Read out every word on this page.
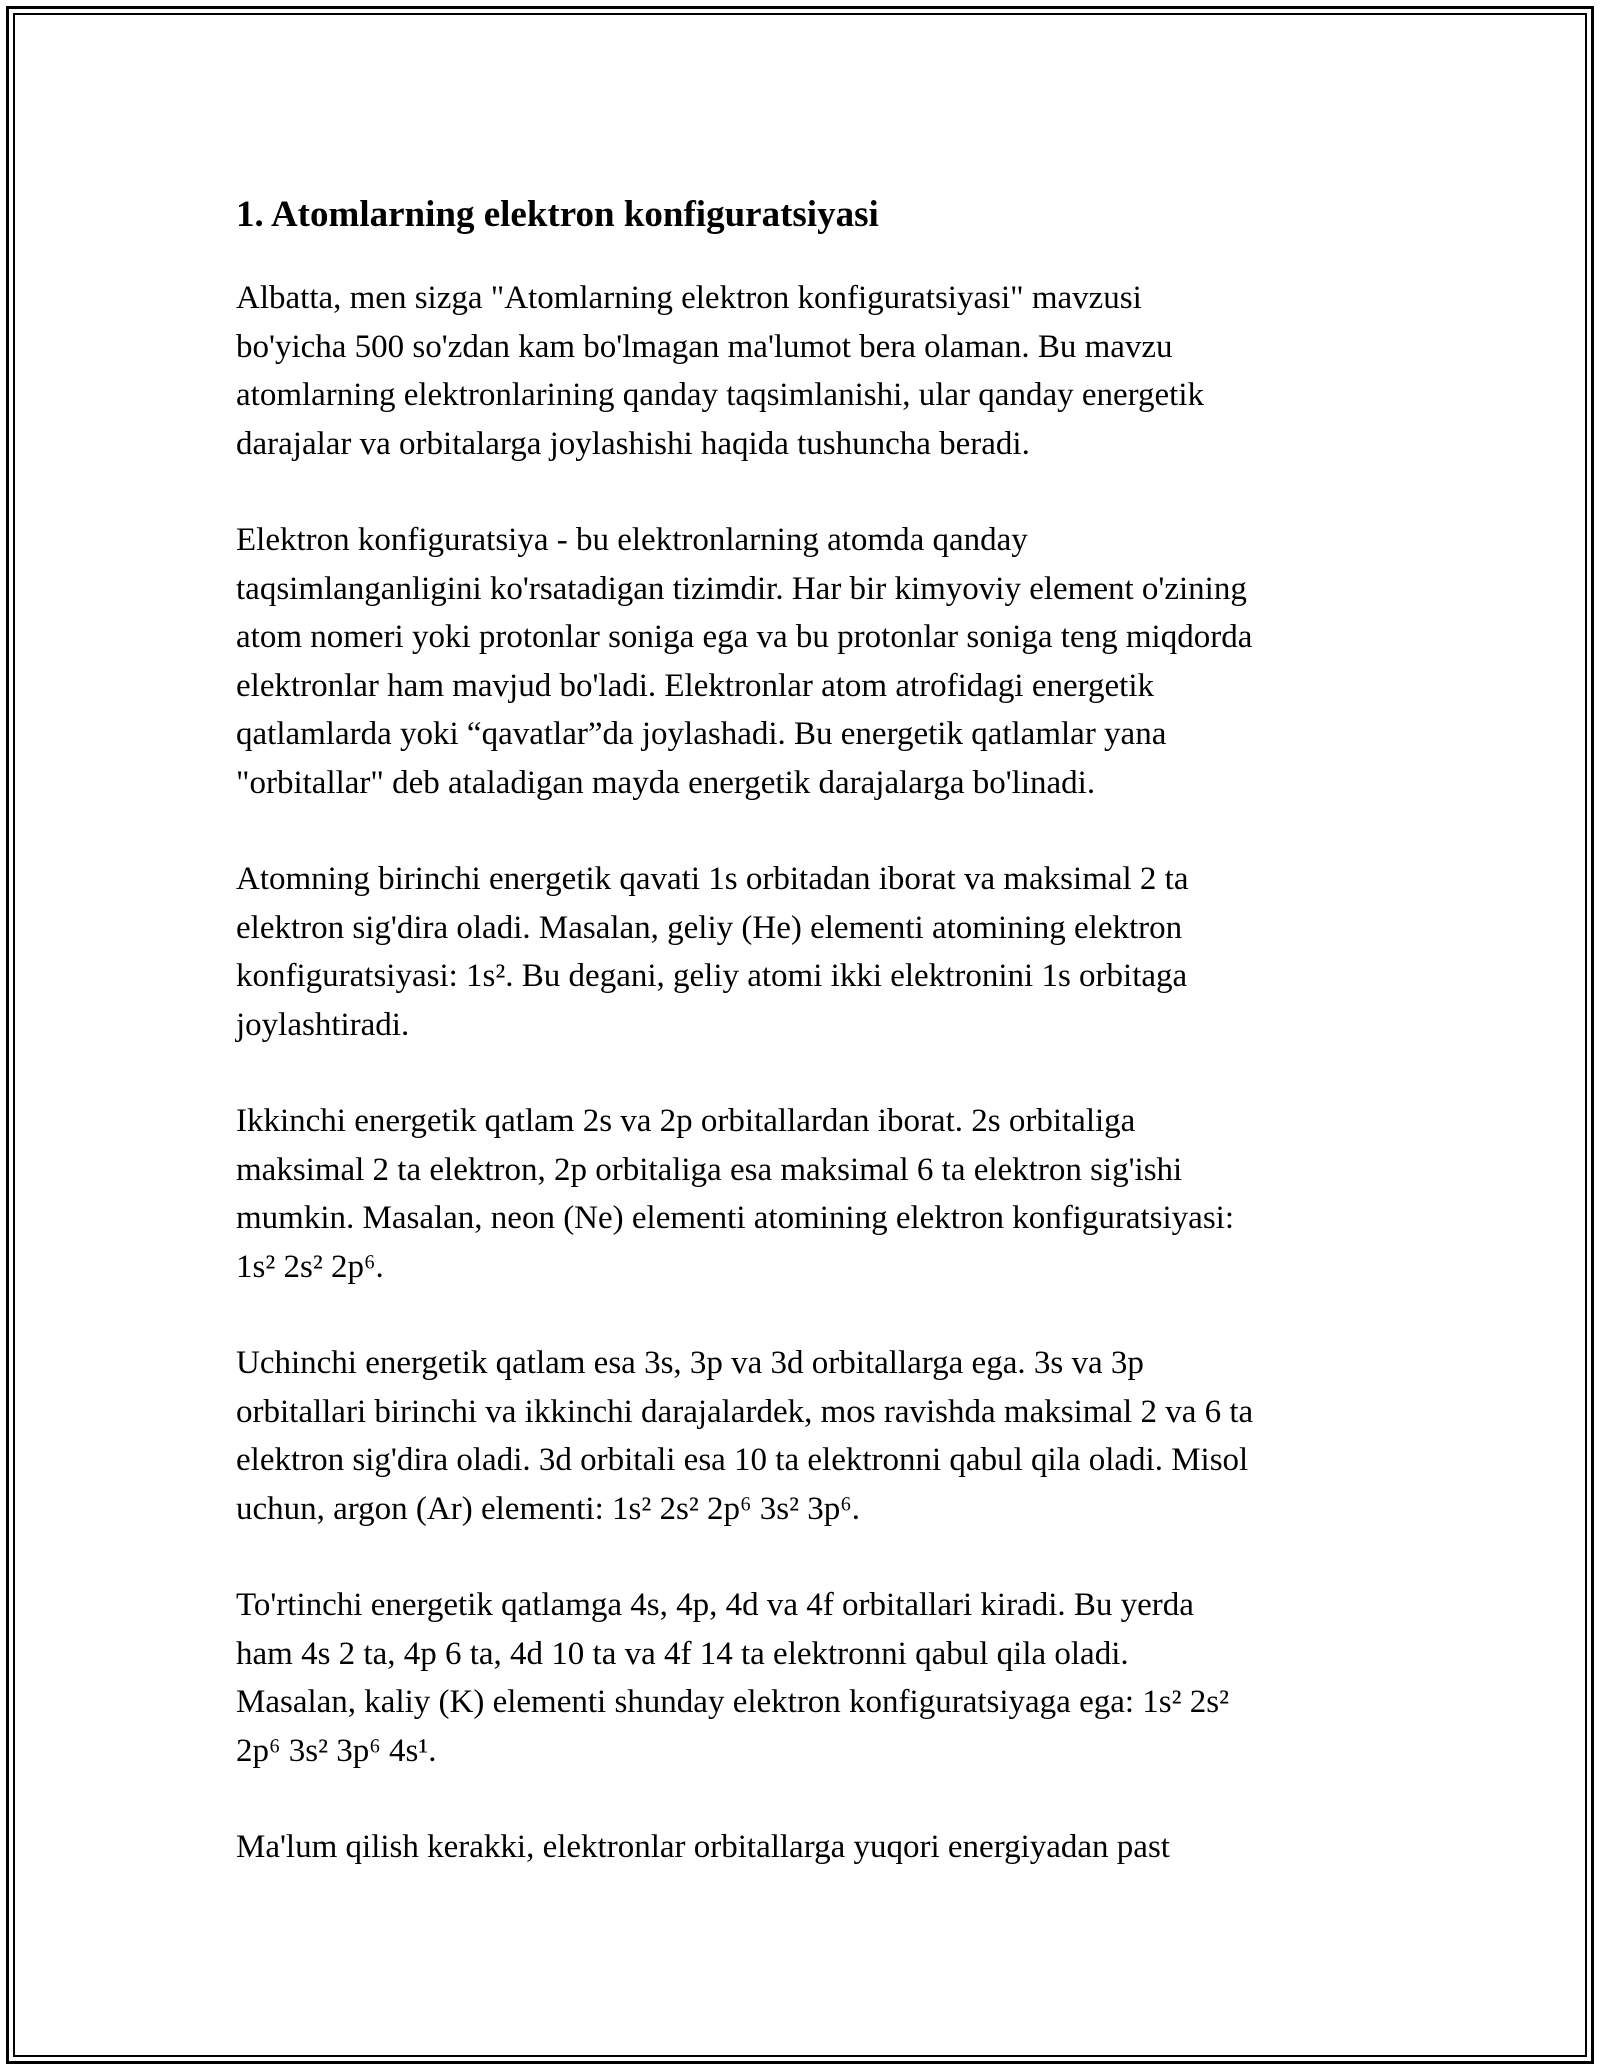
1. Atomlarning elektron konfiguratsiyasi

Albatta, men sizga "Atomlarning elektron konfiguratsiyasi" mavzusi
bo'yicha 500 so'zdan kam bo'lmagan ma'lumot bera olaman. Bu mavzu
atomlarning elektronlarining qanday taqsimlanishi, ular qanday energetik
darajalar va orbitalarga joylashishi haqida tushuncha beradi.

Elektron konfiguratsiya - bu elektronlarning atomda qanday
taqsimlanganligini ko'rsatadigan tizimdir. Har bir kimyoviy element o'zining
atom nomeri yoki protonlar soniga ega va bu protonlar soniga teng miqdorda
elektronlar ham mavjud bo'ladi. Elektronlar atom atrofidagi energetik
qatlamlarda yoki “qavatlar”da joylashadi. Bu energetik qatlamlar yana
"orbitallar" deb ataladigan mayda energetik darajalarga bo'linadi.

Atomning birinchi energetik qavati 1s orbitadan iborat va maksimal 2 ta
elektron sig'dira oladi. Masalan, geliy (He) elementi atomining elektron
konfiguratsiyasi: 1s². Bu degani, geliy atomi ikki elektronini 1s orbitaga
joylashtiradi.

Ikkinchi energetik qatlam 2s va 2p orbitallardan iborat. 2s orbitaliga
maksimal 2 ta elektron, 2p orbitaliga esa maksimal 6 ta elektron sig'ishi
mumkin. Masalan, neon (Ne) elementi atomining elektron konfiguratsiyasi:
1s² 2s² 2p⁶.

Uchinchi energetik qatlam esa 3s, 3p va 3d orbitallarga ega. 3s va 3p
orbitallari birinchi va ikkinchi darajalardek, mos ravishda maksimal 2 va 6 ta
elektron sig'dira oladi. 3d orbitali esa 10 ta elektronni qabul qila oladi. Misol
uchun, argon (Ar) elementi: 1s² 2s² 2p⁶ 3s² 3p⁶.

To'rtinchi energetik qatlamga 4s, 4p, 4d va 4f orbitallari kiradi. Bu yerda
ham 4s 2 ta, 4p 6 ta, 4d 10 ta va 4f 14 ta elektronni qabul qila oladi.
Masalan, kaliy (K) elementi shunday elektron konfiguratsiyaga ega: 1s² 2s²
2p⁶ 3s² 3p⁶ 4s¹.

Ma'lum qilish kerakki, elektronlar orbitallarga yuqori energiyadan past
